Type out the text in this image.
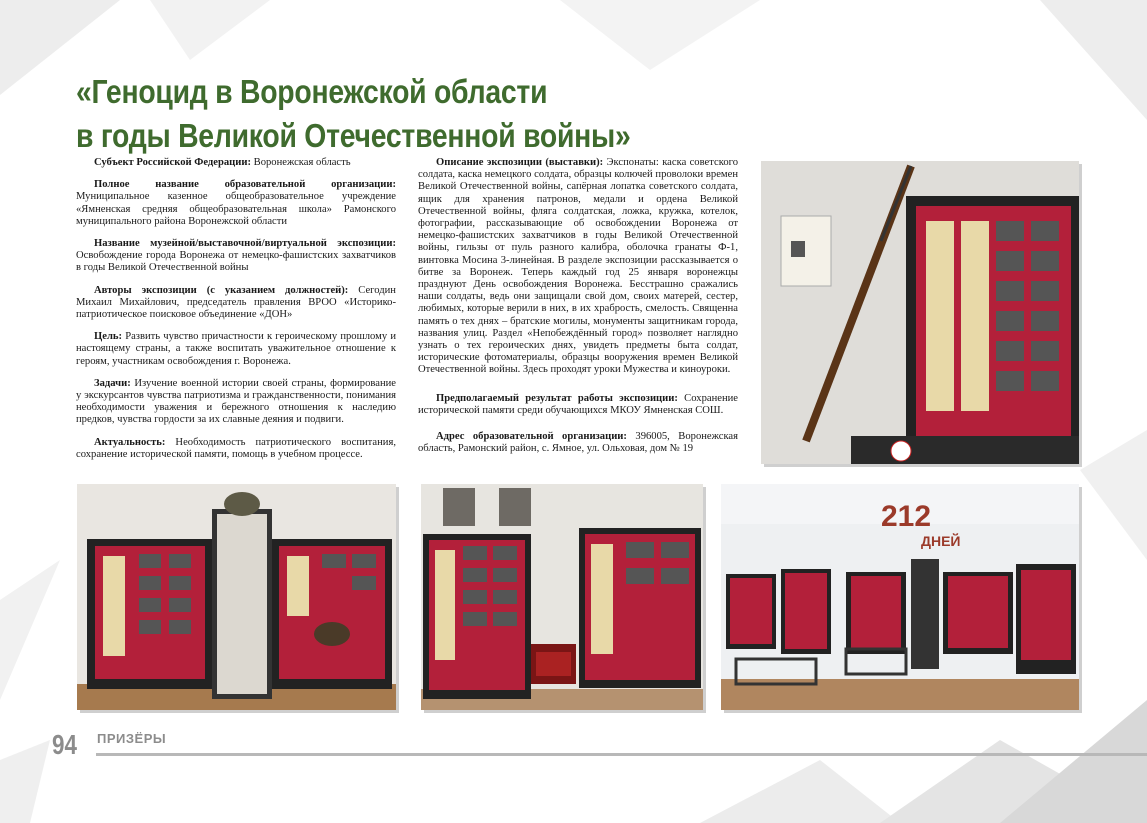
«Геноцид в Воронежской области
в годы Великой Отечественной войны»

Субъект Российской Федерации: Воронежская область

Полное название образовательной организации: Муниципальное казенное общеобразовательное учреждение «Ямненская средняя общеобразовательная школа» Рамонского муниципального района Воронежской области

Название музейной/выставочной/виртуальной экспозиции: Освобождение города Воронежа от немецко-фашистских захватчиков в годы Великой Отечественной войны

Авторы экспозиции (с указанием должностей): Сегодин Михаил Михайлович, председатель правления ВРОО «Историко-патриотическое поисковое объединение «ДОН»

Цель: Развить чувство причастности к героическому прошлому и настоящему страны, а также воспитать уважительное отношение к героям, участникам освобождения г. Воронежа.

Задачи: Изучение военной истории своей страны, формирование у экскурсантов чувства патриотизма и гражданственности, понимания необходимости уважения и бережного отношения к наследию предков, чувства гордости за их славные деяния и подвиги.

Актуальность: Необходимость патриотического воспитания, сохранение исторической памяти, помощь в учебном процессе.

Описание экспозиции (выставки): Экспонаты: каска советского солдата, каска немецкого солдата, образцы колючей проволоки времен Великой Отечественной войны, сапёрная лопатка советского солдата, ящик для хранения патронов, медали и ордена Великой Отечественной войны, фляга солдатская, ложка, кружка, котелок, фотографии, рассказывающие об освобождении Воронежа от немецко-фашистских захватчиков в годы Великой Отечественной войны, гильзы от пуль разного калибра, оболочка гранаты Ф-1, винтовка Мосина 3-линейная. В разделе экспозиции рассказывается о битве за Воронеж. Теперь каждый год 25 января воронежцы празднуют День освобождения Воронежа. Бесстрашно сражались наши солдаты, ведь они защищали свой дом, своих матерей, сестер, любимых, которые верили в них, в их храбрость, смелость. Священна память о тех днях – братские могилы, монументы защитникам города, названия улиц. Раздел «Непобеждённый город» позволяет наглядно узнать о тех героических днях, увидеть предметы быта солдат, исторические фотоматериалы, образцы вооружения времен Великой Отечественной войны. Здесь проходят уроки Мужества и киноуроки.

Предполагаемый результат работы экспозиции: Сохранение исторической памяти среди обучающихся МКОУ Ямненская СОШ.

Адрес образовательной организации: 396005, Воронежская область, Рамонский район, с. Ямное, ул. Ольховая, дом № 19

212
ДНЕЙ
94 ПРИЗЁРЫ
